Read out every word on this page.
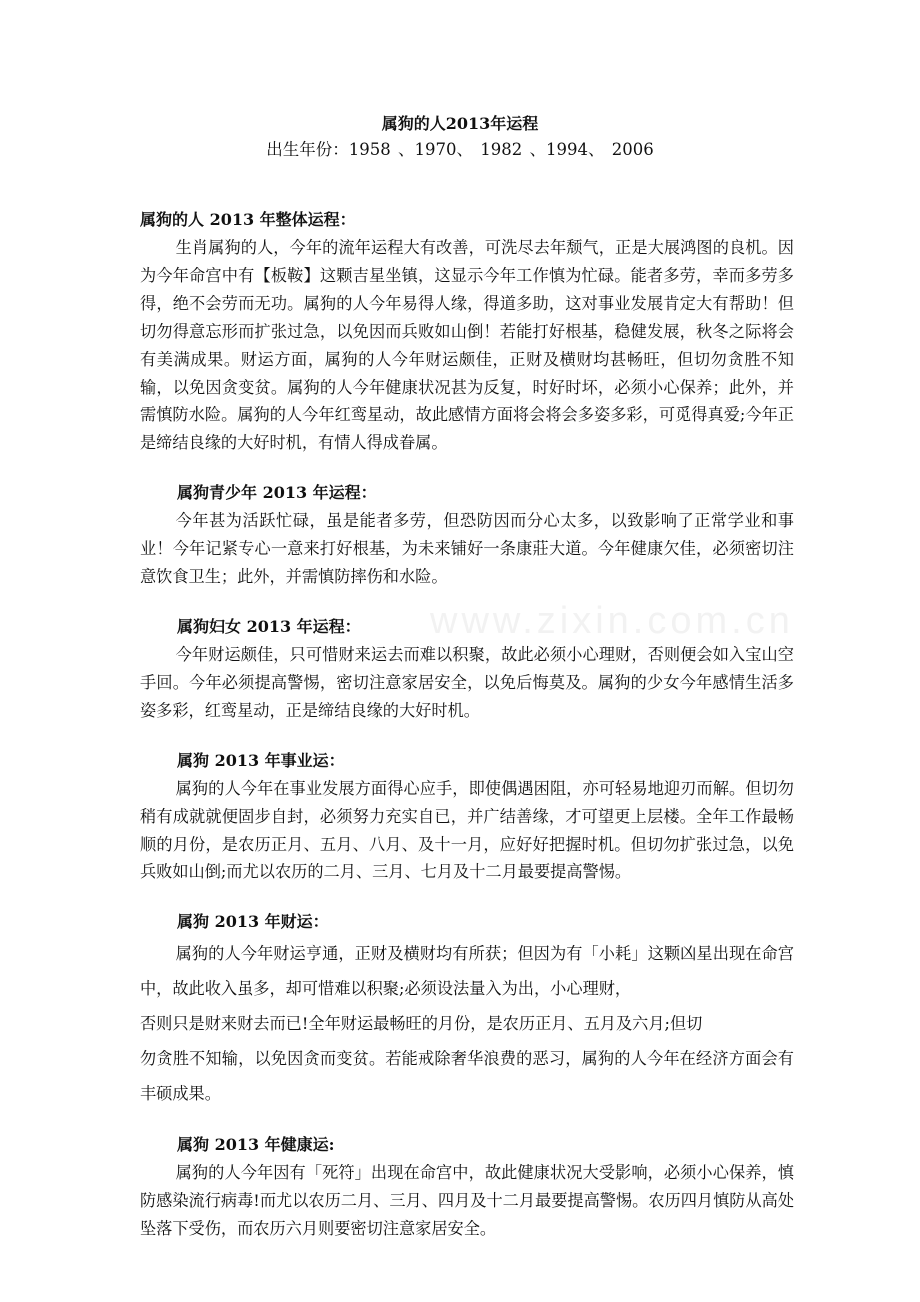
www.zixin.com.cn
属狗的人2013年运程
出生年份：1958 、1970、 1982 、1994、 2006

属狗的人 2013 年整体运程：

生肖属狗的人，今年的流年运程大有改善，可洗尽去年颓气，正是大展鸿图的良机。因为今年命宫中有【板鞍】这颗吉星坐镇，这显示今年工作慎为忙碌。能者多劳，幸而多劳多得，绝不会劳而无功。属狗的人今年易得人缘，得道多助，这对事业发展肯定大有帮助！但切勿得意忘形而扩张过急，以免因而兵败如山倒！若能打好根基，稳健发展，秋冬之际将会有美满成果。财运方面，属狗的人今年财运颇佳，正财及横财均甚畅旺，但切勿贪胜不知输，以免因贪变贫。属狗的人今年健康状况甚为反复，时好时坏，必须小心保养；此外，并需慎防水险。属狗的人今年红鸾星动，故此感情方面将会将会多姿多彩，可觅得真爱;今年正是缔结良缘的大好时机，有情人得成眷属。

属狗青少年 2013 年运程：

今年甚为活跃忙碌，虽是能者多劳，但恐防因而分心太多，以致影响了正常学业和事业！今年记紧专心一意来打好根基，为未来铺好一条康莊大道。今年健康欠佳，必须密切注意饮食卫生；此外，并需慎防摔伤和水险。

属狗妇女 2013 年运程：

今年财运颇佳，只可惜财来运去而难以积聚，故此必须小心理财，否则便会如入宝山空手回。今年必须提高警惕，密切注意家居安全，以免后悔莫及。属狗的少女今年感情生活多姿多彩，红鸾星动，正是缔结良缘的大好时机。

属狗 2013 年事业运：

属狗的人今年在事业发展方面得心应手，即使偶遇困阻，亦可轻易地迎刃而解。但切勿稍有成就就便固步自封，必须努力充实自已，并广结善缘，才可望更上层楼。全年工作最畅顺的月份，是农历正月、五月、八月、及十一月，应好好把握时机。但切勿扩张过急，以免兵败如山倒;而尤以农历的二月、三月、七月及十二月最要提高警惕。

属狗 2013 年财运：

属狗的人今年财运亨通，正财及横财均有所获；但因为有「小耗」这颗凶星出现在命宫中，故此收入虽多，却可惜难以积聚;必须设法量入为出，小心理财，

否则只是财来财去而已!全年财运最畅旺的月份，是农历正月、五月及六月;但切

勿贪胜不知输，以免因贪而变贫。若能戒除奢华浪费的恶习，属狗的人今年在经济方面会有丰硕成果。

属狗 2013 年健康运:

属狗的人今年因有「死符」出现在命宫中，故此健康状况大受影响，必须小心保养，慎防感染流行病毒!而尤以农历二月、三月、四月及十二月最要提高警惕。农历四月慎防从高处坠落下受伤，而农历六月则要密切注意家居安全。
